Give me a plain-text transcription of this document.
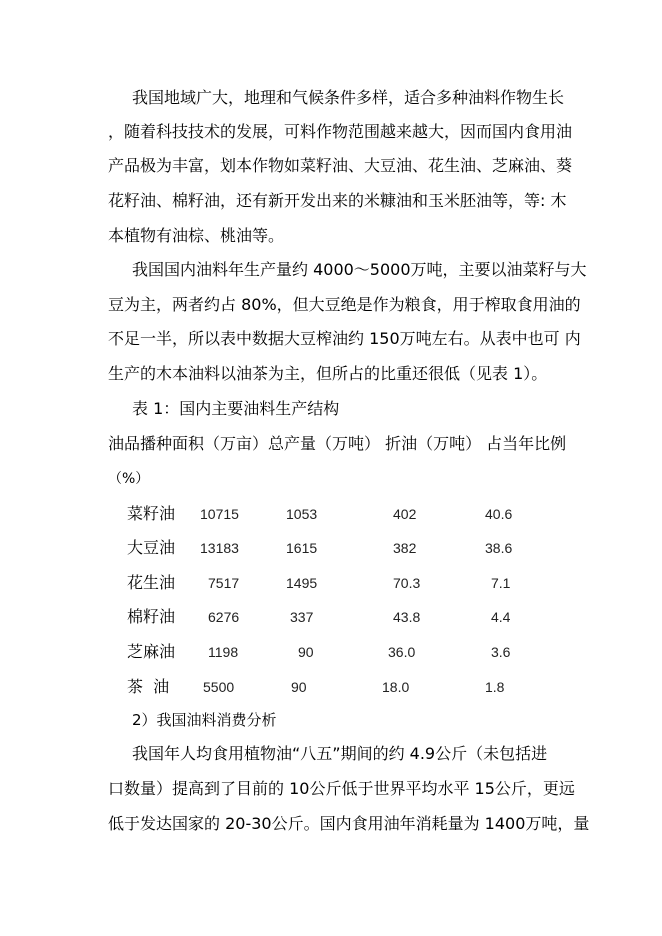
我国地域广大，地理和气候条件多样，适合多种油料作物生长
，随着科技技术的发展，可料作物范围越来越大，因而国内食用油
产品极为丰富，划本作物如菜籽油、大豆油、花生油、芝麻油、葵
花籽油、棉籽油，还有新开发出来的米糠油和玉米胚油等，等: 木
本植物有油棕、桃油等。
我国国内油料年生产量约 4000～5000万吨，主要以油菜籽与大
豆为主，两者约占 80%，但大豆绝是作为粮食，用于榨取食用油的
不足一半，所以表中数据大豆榨油约 150万吨左右。从表中也可 内
生产的木本油料以油茶为主，但所占的比重还很低（见表 1）。
表 1：国内主要油料生产结构
油品播种面积（万亩）总产量（万吨） 折油（万吨） 占当年比例
（%）
菜籽油 10715	1053	402	40.6
大豆油 13183	1615	382	38.6
花生油 7517	1495	70.3	7.1
棉籽油 6276	337	43.8	4.4
芝麻油 1198	90	36.0	3.6
茶  油 5500	90	18.0	1.8
2）我国油料消费分析
我国年人均食用植物油“八五”期间的约 4.9公斤（未包括进
口数量）提高到了目前的 10公斤低于世界平均水平 15公斤，更远
低于发达国家的 20-30公斤。国内食用油年消耗量为 1400万吨，量
